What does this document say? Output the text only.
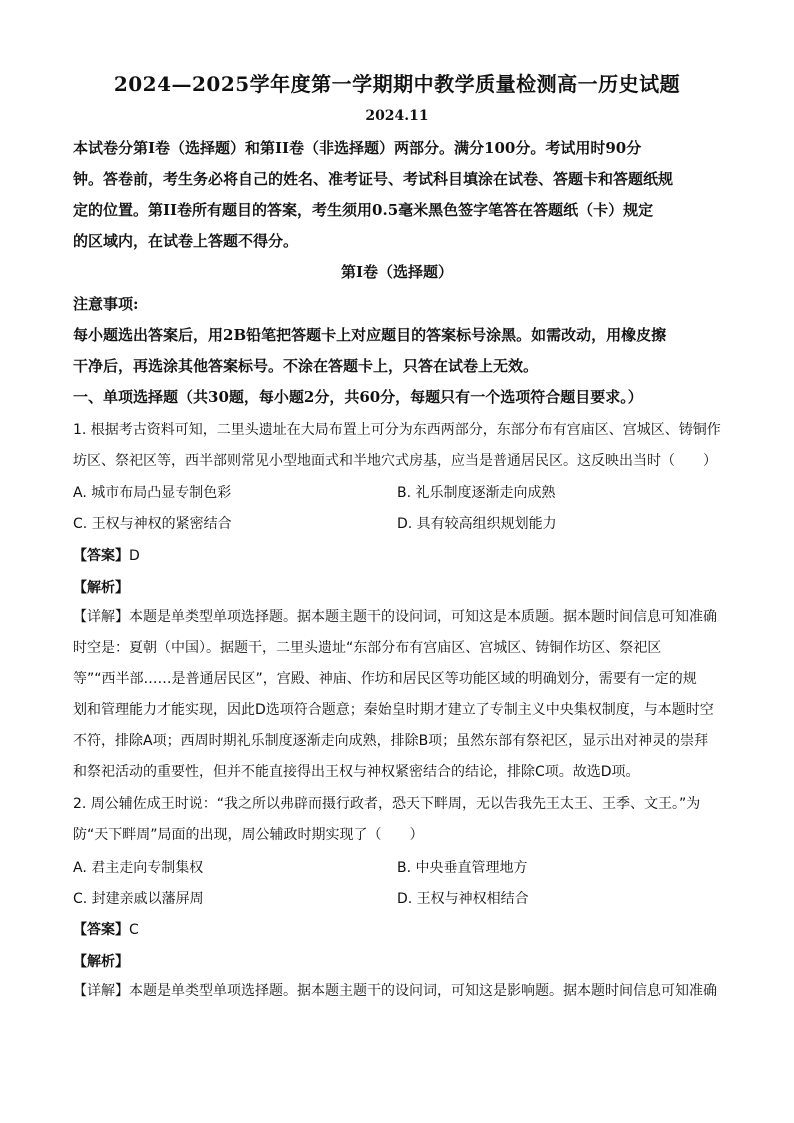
2024—2025学年度第一学期期中教学质量检测高一历史试题
2024.11
本试卷分第Ⅰ卷（选择题）和第II卷（非选择题）两部分。满分100分。考试用时90分
钟。答卷前，考生务必将自己的姓名、准考证号、考试科目填涂在试卷、答题卡和答题纸规
定的位置。第II卷所有题目的答案，考生须用0.5毫米黑色签字笔答在答题纸（卡）规定
的区域内，在试卷上答题不得分。
第Ⅰ卷（选择题）
注意事项:
每小题选出答案后，用2B铅笔把答题卡上对应题目的答案标号涂黑。如需改动，用橡皮擦
干净后，再选涂其他答案标号。不涂在答题卡上，只答在试卷上无效。
一、单项选择题（共30题，每小题2分，共60分，每题只有一个选项符合题目要求。）
1. 根据考古资料可知，二里头遗址在大局布置上可分为东西两部分，东部分布有宫庙区、宫城区、铸铜作
坊区、祭祀区等，西半部则常见小型地面式和半地穴式房基，应当是普通居民区。这反映出当时（　　）
A. 城市布局凸显专制色彩	B. 礼乐制度逐渐走向成熟
C. 王权与神权的紧密结合	D. 具有较高组织规划能力
【答案】D
【解析】
【详解】本题是单类型单项选择题。据本题主题干的设问词，可知这是本质题。据本题时间信息可知准确
时空是：夏朝（中国）。据题干，二里头遗址“东部分布有宫庙区、宫城区、铸铜作坊区、祭祀区
等”“西半部……是普通居民区”，宫殿、神庙、作坊和居民区等功能区域的明确划分，需要有一定的规
划和管理能力才能实现，因此D选项符合题意；秦始皇时期才建立了专制主义中央集权制度，与本题时空
不符，排除A项；西周时期礼乐制度逐渐走向成熟，排除B项；虽然东部有祭祀区，显示出对神灵的崇拜
和祭祀活动的重要性，但并不能直接得出王权与神权紧密结合的结论，排除C项。故选D项。
2. 周公辅佐成王时说：“我之所以弗辟而摄行政者，恐天下畔周，无以告我先王太王、王季、文王。”为
防“天下畔周”局面的出现，周公辅政时期实现了（　　）
A. 君主走向专制集权	B. 中央垂直管理地方
C. 封建亲戚以藩屏周	D. 王权与神权相结合
【答案】C
【解析】
【详解】本题是单类型单项选择题。据本题主题干的设问词，可知这是影响题。据本题时间信息可知准确
